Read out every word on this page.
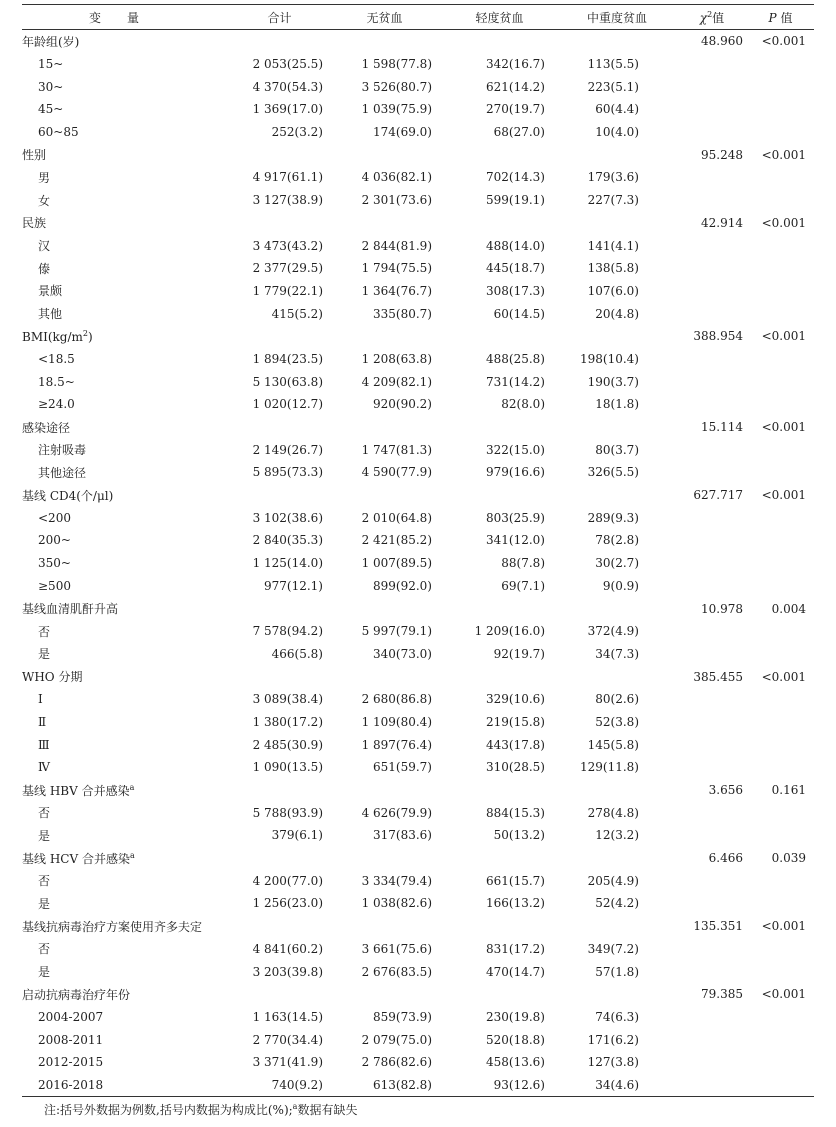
变量	合计	无贫血	轻度贫血	中重度贫血	$\chi^2$值	P 值
年龄组(岁)					48.960	<0.001
15~	2 053(25.5)	1 598(77.8)	342(16.7)	113(5.5)		
30~	4 370(54.3)	3 526(80.7)	621(14.2)	223(5.1)		
45~	1 369(17.0)	1 039(75.9)	270(19.7)	60(4.4)		
60~85	252(3.2)	174(69.0)	68(27.0)	10(4.0)		
性别					95.248	<0.001
男	4 917(61.1)	4 036(82.1)	702(14.3)	179(3.6)		
女	3 127(38.9)	2 301(73.6)	599(19.1)	227(7.3)		
民族					42.914	<0.001
汉	3 473(43.2)	2 844(81.9)	488(14.0)	141(4.1)		
傣	2 377(29.5)	1 794(75.5)	445(18.7)	138(5.8)		
景颇	1 779(22.1)	1 364(76.7)	308(17.3)	107(6.0)		
其他	415(5.2)	335(80.7)	60(14.5)	20(4.8)		
$BMI(kg/m^2)$					388.954	<0.001
<18.5	1 894(23.5)	1 208(63.8)	488(25.8)	198(10.4)		
18.5~	5 130(63.8)	4 209(82.1)	731(14.2)	190(3.7)		
≥24.0	1 020(12.7)	920(90.2)	82(8.0)	18(1.8)		
感染途径					15.114	<0.001
注射吸毒	2 149(26.7)	1 747(81.3)	322(15.0)	80(3.7)		
其他途径	5 895(73.3)	4 590(77.9)	979(16.6)	326(5.5)		
基线 CD4(个/μl)					627.717	<0.001
<200	3 102(38.6)	2 010(64.8)	803(25.9)	289(9.3)		
200~	2 840(35.3)	2 421(85.2)	341(12.0)	78(2.8)		
350~	1 125(14.0)	1 007(89.5)	88(7.8)	30(2.7)		
≥500	977(12.1)	899(92.0)	69(7.1)	9(0.9)		
基线血清肌酐升高					10.978	0.004
否	7 578(94.2)	5 997(79.1)	1 209(16.0)	372(4.9)		
是	466(5.8)	340(73.0)	92(19.7)	34(7.3)		
WHO 分期					385.455	<0.001
Ⅰ	3 089(38.4)	2 680(86.8)	329(10.6)	80(2.6)		
Ⅱ	1 380(17.2)	1 109(80.4)	219(15.8)	52(3.8)		
Ⅲ	2 485(30.9)	1 897(76.4)	443(17.8)	145(5.8)		
Ⅳ	1 090(13.5)	651(59.7)	310(28.5)	129(11.8)		
基线 HBV 合并感染$^a$					3.656	0.161
否	5 788(93.9)	4 626(79.9)	884(15.3)	278(4.8)		
是	379(6.1)	317(83.6)	50(13.2)	12(3.2)		
基线 HCV 合并感染$^a$					6.466	0.039
否	4 200(77.0)	3 334(79.4)	661(15.7)	205(4.9)		
是	1 256(23.0)	1 038(82.6)	166(13.2)	52(4.2)		
基线抗病毒治疗方案使用齐多夫定					135.351	<0.001
否	4 841(60.2)	3 661(75.6)	831(17.2)	349(7.2)		
是	3 203(39.8)	2 676(83.5)	470(14.7)	57(1.8)		
启动抗病毒治疗年份					79.385	<0.001
2004-2007	1 163(14.5)	859(73.9)	230(19.8)	74(6.3)		
2008-2011	2 770(34.4)	2 079(75.0)	520(18.8)	171(6.2)		
2012-2015	3 371(41.9)	2 786(82.6)	458(13.6)	127(3.8)		
2016-2018	740(9.2)	613(82.8)	93(12.6)	34(4.6)		
注:括号外数据为例数,括号内数据为构成比(%);$^a$数据有缺失
